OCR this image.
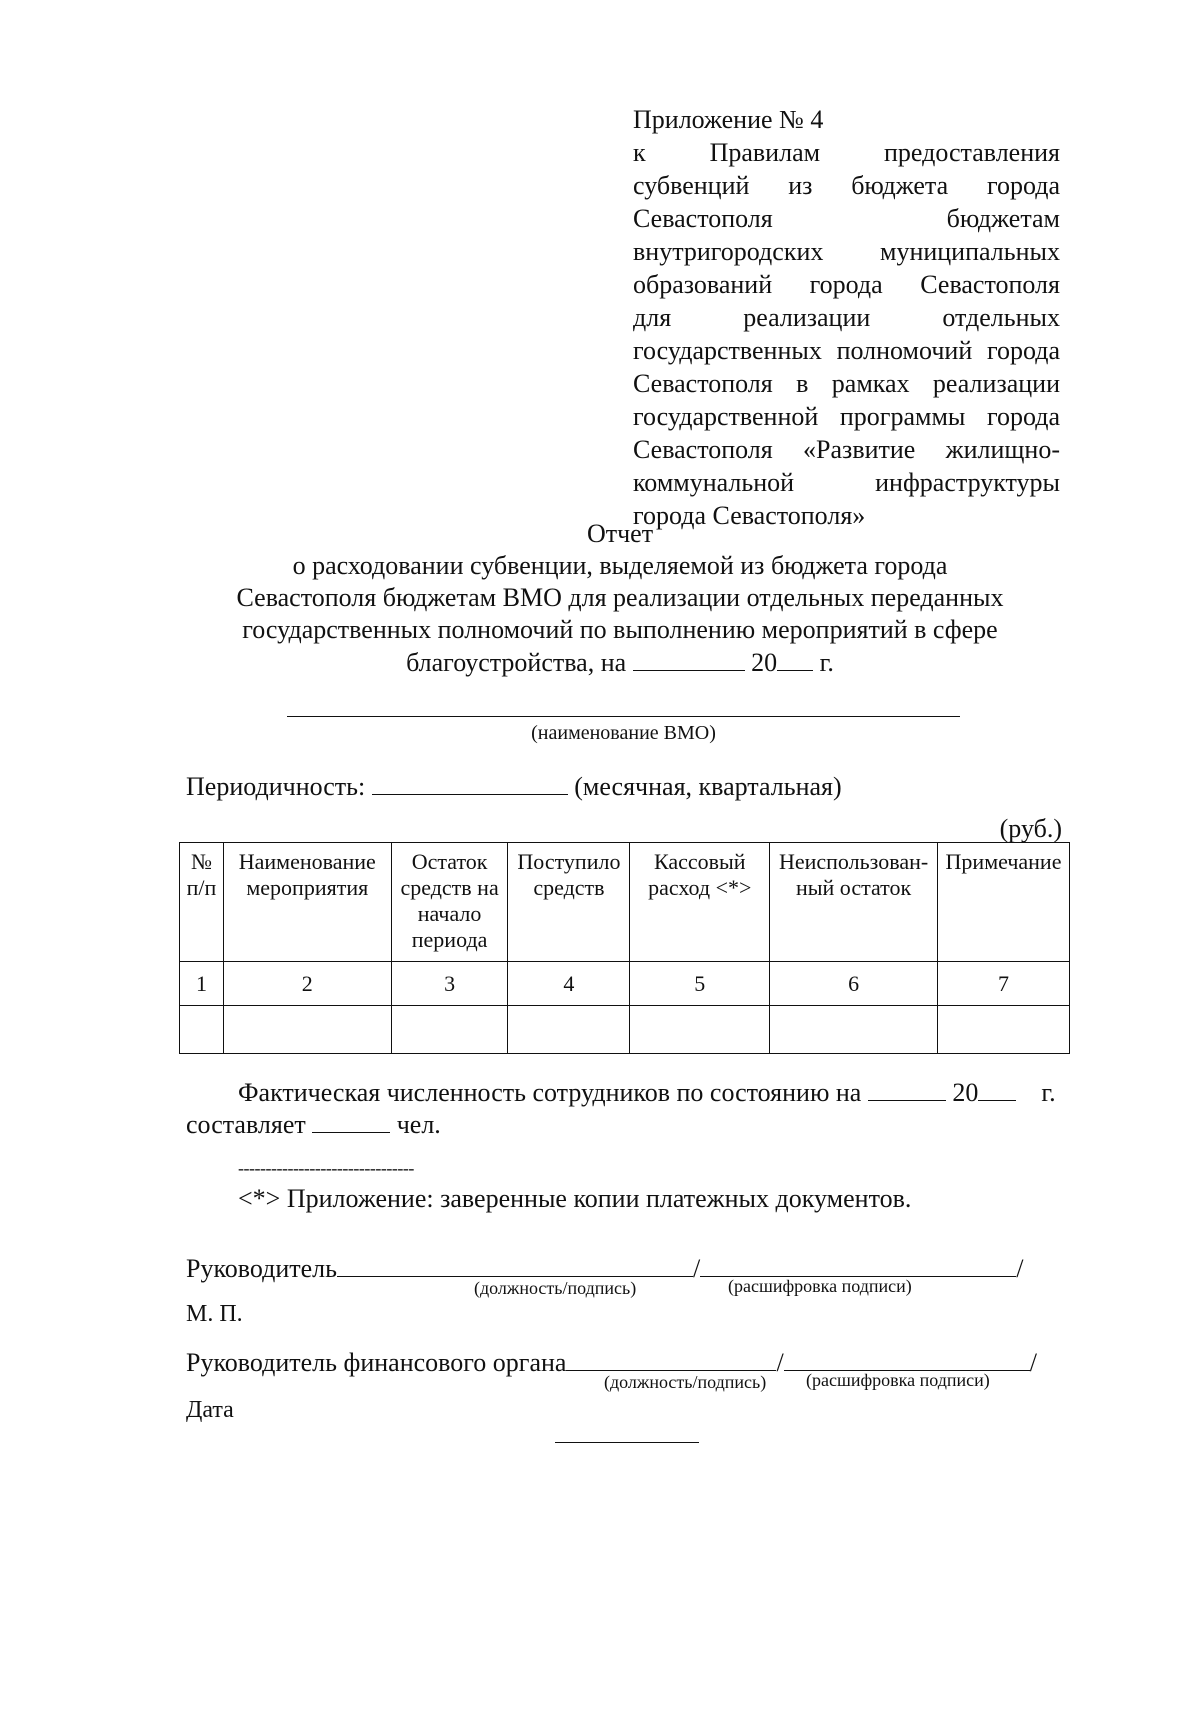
Приложение № 4
к Правилам предоставления
субвенций из бюджета города
Севастополя бюджетам
внутригородских муниципальных
образований города Севастополя
для реализации отдельных
государственных полномочий города
Севастополя в рамках реализации
государственной программы города
Севастополя «Развитие жилищно-
коммунальной инфраструктуры
города Севастополя»
Отчет
о расходовании субвенции, выделяемой из бюджета города
Севастополя бюджетам ВМО для реализации отдельных переданных
государственных полномочий по выполнению мероприятий в сфере
благоустройства, на	20 г.
(наименование ВМО)
Периодичность:	(месячная, квартальная)
(руб.)
№ п/п	Наименование мероприятия	Остаток средств на начало периода	Поступило средств	Кассовый расход <*>	Неиспользован-ный остаток	Примечание
1	2	3	4	5	6	7

Фактическая численность сотрудников по состоянию на	20 г.
составляет	чел.
--------------------------------
<*> Приложение: заверенные копии платежных документов.
Руководитель	/	/
(должность/подпись)	(расшифровка подписи)
М. П.
Руководитель финансового органа	/	/
(должность/подпись) (расшифровка подписи)
Дата
